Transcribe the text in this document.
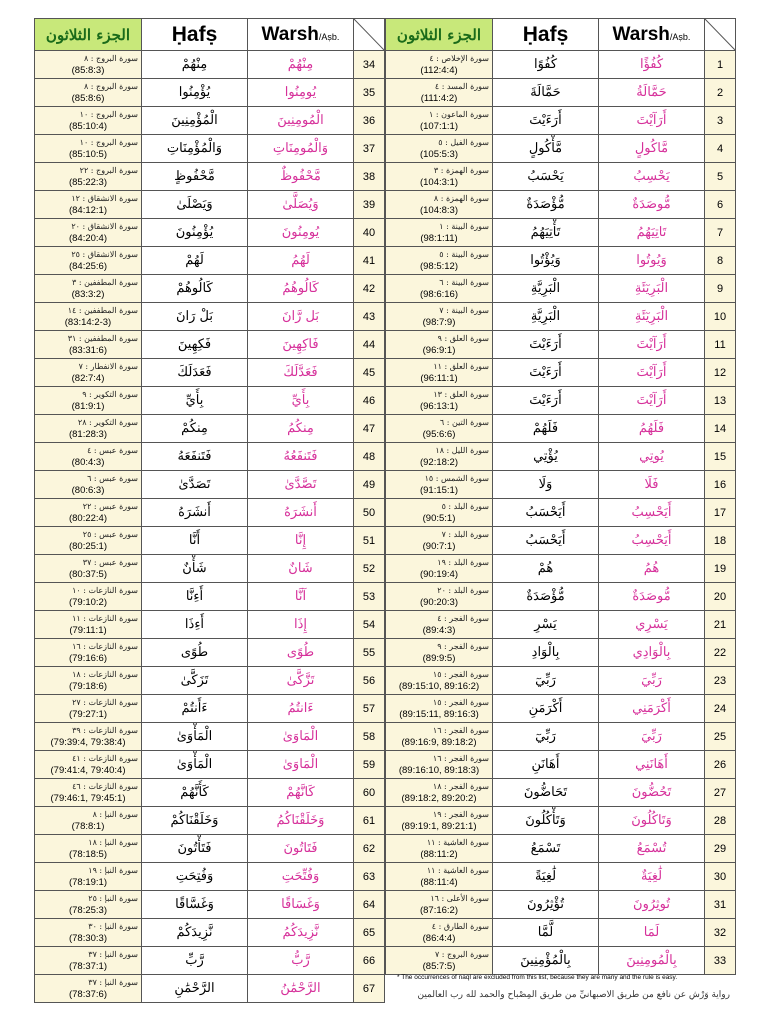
الجزء الثلاثون	Ḥafṣ	Warsh/Aṣb.	

سورة البروج : ٨
(85:8:3)	مِنْهُمْ	مِنْهُمْ	34

سورة البروج : ٨
(85:8:6)	يُؤْمِنُوا	يُومِنُوا	35

سورة البروج : ١٠
(85:10:4)	الْمُؤْمِنِينَ	الْمُومِنِينَ	36

سورة البروج : ١٠
(85:10:5)	وَالْمُؤْمِنَاتِ	وَالْمُومِنَاتِ	37

سورة البروج : ٢٢
(85:22:3)	مَّحْفُوظٍ	مَّحْفُوظٌ	38

سورة الانشقاق : ١٢
(84:12:1)	وَيَصْلَىٰ	وَيُصَلَّىٰ	39

سورة الانشقاق : ٢٠
(84:20:4)	يُؤْمِنُونَ	يُومِنُونَ	40

سورة الانشقاق : ٢٥
(84:25:6)	لَهُمْ	لَهُمُ	41

سورة المطففين : ٣
(83:3:2)	كَالُوهُمْ	كَالُوهُمُ	42

سورة المطففين : ١٤
(83:14:2-3)	بَلْ رَانَ	بَل رَّانَ	43

سورة المطففين : ٣١
(83:31:6)	فَكِهِينَ	فَاكِهِينَ	44

سورة الانفطار : ٧
(82:7:4)	فَعَدَلَكَ	فَعَدَّلَكَ	45

سورة التكوير : ٩
(81:9:1)	بِأَيِّ	بِأَيِّ	46

سورة التكوير : ٢٨
(81:28:3)	مِنكُمْ	مِنكُمُ	47

سورة عبس : ٤
(80:4:3)	فَتَنفَعَهُ	فَتَنفَعُهُ	48

سورة عبس : ٦
(80:6:3)	تَصَدَّىٰ	تَصَّدَّىٰ	49

سورة عبس : ٢٢
(80:22:4)	أَنشَرَهُ	أَنشَرَهُ	50

سورة عبس : ٢٥
(80:25:1)	أَنَّا	إِنَّا	51

سورة عبس : ٣٧
(80:37:5)	شَأْنٌ	شَانٌ	52

سورة النازعات : ١٠
(79:10:2)	أَءِنَّا	آنَّا	53

سورة النازعات : ١١
(79:11:1)	أَءِذَا	إِذَا	54

سورة النازعات : ١٦
(79:16:6)	طُوًى	طُوًى	55

سورة النازعات : ١٨
(79:18:6)	تَزَكَّىٰ	تَزَّكَّىٰ	56

سورة النازعات : ٢٧
(79:27:1)	ءَأَنتُمْ	ءَانتُمُ	57

سورة النازعات : ٣٩
(79:39:4, 79:38:4)	الْمَأْوَىٰ	الْمَاوَىٰ	58

سورة النازعات : ٤١
(79:41:4, 79:40:4)	الْمَأْوَىٰ	الْمَاوَىٰ	59

سورة النازعات : ٤٦
(79:46:1, 79:45:1)	كَأَنَّهُمْ	كَانَّهُمْ	60

سورة النبإ : ٨
(78:8:1)	وَخَلَقْنَاكُمْ	وَخَلَقْنَاكُمُ	61

سورة النبإ : ١٨
(78:18:5)	فَتَأْتُونَ	فَتَاتُونَ	62

سورة النبإ : ١٩
(78:19:1)	وَفُتِحَتِ	وَفُتِّحَتِ	63

سورة النبإ : ٢٥
(78:25:3)	وَغَسَّاقًا	وَغَسَاقًا	64

سورة النبإ : ٣٠
(78:30:3)	نَّزِيدَكُمْ	نَّزِيدَكُمُ	65

سورة النبإ : ٣٧
(78:37:1)	رَّبِّ	رَّبُّ	66

سورة النبإ : ٣٧
(78:37:6)	الرَّحْمَٰنِ	الرَّحْمَٰنُ	67
الجزء الثلاثون	Ḥafṣ	Warsh/Aṣb.	

سورة الإخلاص : ٤
(112:4:4)	كُفُوًا	كُفُؤًا	1

سورة المسد : ٤
(111:4:2)	حَمَّالَةَ	حَمَّالَةُ	2

سورة الماعون : ١
(107:1:1)	أَرَءَيْتَ	أَرَآيْتَ	3

سورة الفيل : ٥
(105:5:3)	مَّأْكُولٍ	مَّاكُولٍ	4

سورة الهمزة : ٣
(104:3:1)	يَحْسَبُ	يَحْسِبُ	5

سورة الهمزة : ٨
(104:8:3)	مُّؤْصَدَةٌ	مُّوصَدَةٌ	6

سورة البينة : ١
(98:1:11)	تَأْتِيَهُمُ	تَاتِيَهُمُ	7

سورة البينة : ٥
(98:5:12)	وَيُؤْتُوا	وَيُوتُوا	8

سورة البينة : ٦
(98:6:16)	الْبَرِيَّةِ	الْبَرِيٓئَةِ	9

سورة البينة : ٧
(98:7:9)	الْبَرِيَّةِ	الْبَرِيٓئَةِ	10

سورة العلق : ٩
(96:9:1)	أَرَءَيْتَ	أَرَآيْتَ	11

سورة العلق : ١١
(96:11:1)	أَرَءَيْتَ	أَرَآيْتَ	12

سورة العلق : ١٣
(96:13:1)	أَرَءَيْتَ	أَرَآيْتَ	13

سورة التين : ٦
(95:6:6)	فَلَهُمْ	فَلَهُمُ	14

سورة الليل : ١٨
(92:18:2)	يُؤْتِي	يُوتِي	15

سورة الشمس : ١٥
(91:15:1)	وَلَا	فَلَا	16

سورة البلد : ٥
(90:5:1)	أَيَحْسَبُ	أَيَحْسِبُ	17

سورة البلد : ٧
(90:7:1)	أَيَحْسَبُ	أَيَحْسِبُ	18

سورة البلد : ١٩
(90:19:4)	هُمْ	هُمُ	19

سورة البلد : ٢٠
(90:20:3)	مُّؤْصَدَةٌ	مُّوصَدَةٌ	20

سورة الفجر : ٤
(89:4:3)	يَسْرِ	يَسْرِي	21

سورة الفجر : ٩
(89:9:5)	بِالْوَادِ	بِالْوَادِي	22

سورة الفجر : ١٥
(89:15:10, 89:16:2)	رَبِّيٓ	رَبِّيَ	23

سورة الفجر : ١٥
(89:15:11, 89:16:3)	أَكْرَمَنِ	أَكْرَمَنِي	24

سورة الفجر : ١٦
(89:16:9, 89:18:2)	رَبِّيٓ	رَبِّيَ	25

سورة الفجر : ١٦
(89:16:10, 89:18:3)	أَهَانَنِ	أَهَانَنِي	26

سورة الفجر : ١٨
(89:18:2, 89:20:2)	تَحَاضُّونَ	تَحُضُّونَ	27

سورة الفجر : ١٩
(89:19:1, 89:21:1)	وَتَأْكُلُونَ	وَتَاكُلُونَ	28

سورة الغاشية : ١١
(88:11:2)	تَسْمَعُ	تُسْمَعُ	29

سورة الغاشية : ١١
(88:11:4)	لَٰغِيَةً	لَٰغِيَةٌ	30

سورة الأعلى : ١٦
(87:16:2)	تُؤْثِرُونَ	تُوثِرُونَ	31

سورة الطارق : ٤
(86:4:4)	لَّمَّا	لَمَا	32

سورة البروج : ٧
(85:7:5)	بِالْمُؤْمِنِينَ	بِالْمُومِنِينَ	33
* The occurrences of naql are excluded from this list, because they are many and the rule is easy.
رواية وَرْشٍ عن نافعٍ من طريق الأصبهانيِّ من طريق المِصْباح والحمد لله رب العالمين
